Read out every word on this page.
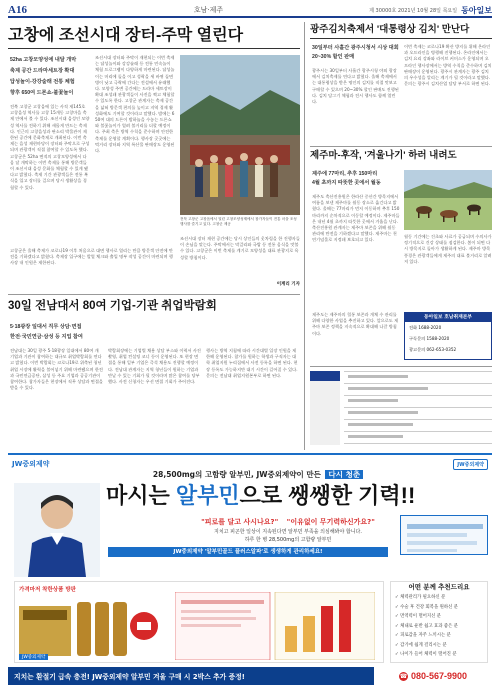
A16	호남·제주	제 30000호 2021년 10월 28일 목요일 동아일보
고창에 조선시대 장터-주막 열린다
52ha 고창모양성에 내달 개막
축제 공간 드라마세트장 확대
답성놀이-강강술래 전통 체험
향후 650여 드론쇼-불꽃놀이
전북 고창군 고창읍에 있는 사적 제145호 고창읍성 역사를 고창 15개동 고창마을 축제 안에서 볼 수 있다. 조선시대 읍성인 모양성 역사를 전하기 위해 새롭게 만드는 축제다. 인근의 고창읍성과 판소리 박물관이 제한된 공간에 문화축제로 개최된다. 이번 축제는 읍성 재현마당이 장터와 주막으로 구성되며 관광객이 직접 참여할 수 있도록 했다. 고창군은 52ha 면적의 고창모양성에서 다음 달 개막하는 이번 축제를 통해 방문객들이 조선시대 읍성 문화를 체험할 수 있게 됐다고 밝혔다. 축제 기간 관광객들은 전통 복식을 입고 장터를 걸으며 당시 생활상을 경험할 수 있다.
조선시대 장터와 주막이 재현되는 이번 축제는 답성놀이와 강강술래 등 전통 민속놀이 체험 프로그램이 다양하게 마련된다. 답성놀이는 머리에 돌을 이고 성곽을 세 바퀴 돌면 병이 낫고 극락에 간다는 전설에서 유래했다. 모양성 주변 공간에는 드라마 세트장이 확대 조성돼 관광객들이 사진을 찍고 체험할 수 있도록 한다. 고창군 관계자는 축제 공간을 넓혀 방문객 편의를 높이고 지역 경제 활성화에도 기여할 것이라고 말했다. 밤에는 650여 대의 드론이 밤하늘을 수놓는 드론쇼와 불꽃놀이가 열려 볼거리를 더할 예정이다. 주최 측은 방역 수칙을 준수하며 안전한 축제를 운영할 계획이다. 행사장 곳곳에는 먹거리 장터와 지역 특산물 판매장도 운영된다.
전북 고창군 고창읍에서 열린 고창모양성제에서 참가자들이 전통 마을 조성 행사를 즐기고 있다. 고창군 제공
조선시대 장터 재현 공간에는 당시 상인들의 옷차림을 한 진행자들이 손님을 맞는다. 주막에서는 막걸리와 국밥 등 전통 음식을 맛볼 수 있다. 고창군은 이번 축제를 계기로 모양성을 대표 관광지로 육성할 방침이다.
고창군은 올해 축제가 코로나19 이후 처음으로 대면 행사로 열리는 만큼 방문객 안전에 만전을 기하겠다고 밝혔다. 축제장 입구에는 발열 체크와 출입 명부 작성 공간이 마련되며 행사장 내 인원은 제한된다.
이계리 기자
30일 전남대서 80여 기업-기관 취업박람회
5·18광장 일대서 직무 상담·면접
한전·국민연금·삼성 등 지업 참여
전남대는 30일 광주 5·18광장 일대에서 80여 개 기업과 기관이 참여하는 대규모 취업박람회를 연다고 밝혔다. 이번 박람회는 코로나19로 위축된 청년 취업 시장에 활력을 불어넣기 위해 마련됐으며 한전과 국민연금공단, 삼성 등 주요 기업과 공공기관이 참여한다. 참가자들은 현장에서 직무 상담과 면접을 받을 수 있다.
박람회장에는 기업별 채용 상담 부스와 이력서 사진 촬영, 취업 컨설팅 코너 등이 운영된다. 또 현장 면접을 통해 일부 기업은 즉석 채용도 진행할 예정이다. 전남대 관계자는 지역 청년들이 원하는 기업과 만날 수 있는 기회가 될 것이라며 많은 참여를 당부했다. 사전 신청자는 우선 면접 기회가 주어진다.
행사는 방역 지침에 따라 시간대별 입장 인원을 제한해 운영된다. 참가를 원하는 학생과 구직자는 대학 취업지원 누리집에서 사전 등록을 하면 된다. 현장 등록도 가능하지만 대기 시간이 길어질 수 있다. 문의는 전남대 취업지원본부로 하면 된다.
광주김치축제서 '대통령상 김치' 만난다
30일부터 사흘간 광주시청서 시상 대회 20~30% 할인 판매
광주시는 30일부터 사흘간 광주시청 야외 광장에서 김치축제를 연다고 밝혔다. 올해 축제에서는 대통령상을 받은 명인의 김치를 직접 맛보고 구매할 수 있으며 20~30% 할인 판매도 진행된다. 김치 담그기 체험과 전시 행사도 함께 열린다.
이번 축제는 코로나19 확산 방지를 위해 온라인과 오프라인을 병행해 진행된다. 온라인에서는 김치 요리 강좌와 라이브 커머스가 운영되며 오프라인 행사장에서는 방역 수칙을 준수하며 김치 판매장이 운영된다. 광주시 관계자는 광주 김치의 우수성을 알리는 계기가 될 것이라고 말했다. 문의는 광주시 김치산업 담당 부서로 하면 된다.
제주마-후작, '겨울나기' 하러 내려도
제주에 77마리, 추후 150마리
4월 초까지 따뜻한 곳에서 월동
제주도 축산진흥원은 한라산 중산간 방목지에서 여름을 보낸 제주마를 월동 장소로 옮긴다고 밝혔다. 올해는 77마리가 먼저 이동하며 추후 150마리까지 순차적으로 이동할 예정이다. 제주마들은 내년 4월 초까지 따뜻한 곳에서 겨울을 난다. 축산진흥원 관계자는 제주마 보존을 위해 월동 관리에 만전을 기하겠다고 말했다. 제주마는 천연기념물로 지정돼 보호되고 있다.
월동 기간에는 건초와 사료가 공급되며 수의사가 정기적으로 건강 상태를 점검한다. 봄이 되면 다시 방목지로 돌아가 생활하게 된다. 제주마 방목 풍경은 관광객들에게 제주의 대표 볼거리로 알려져 있다.
동아일보 호남취재본부
전화 1688-2020
구독문의 1588-2020
광고문의 062-653-0352
제주도는 제주마의 혈통 보존과 개체 수 관리를 위해 다양한 사업을 추진하고 있다. 앞으로도 제주마 보존 정책을 지속적으로 확대해 나갈 방침이다.
JW중외제약	JW중외제약
28,500mg의 고함량 알부민, JW중외제약이 만든 다시 청춘
마시는 알부민으로 쌩쌩한 기력!!
"피로를 달고 사시나요?" "이유없이 무기력하신가요?"
지치고 피곤한 일상이 지속된다면 알부민 부족을 의심해봐야 합니다.
하루 한 병 28,500mg의 고함량 알부민
JW중외제약 '알부민골드 플러스알파'로 생생하게 관리하세요!
가격마저 착한상품 방판
JW중외제약
어떤 분께 추천드리요
✓ 체력관리가 필요하신 분
✓ 수술 후 건강 회복을 원하신 분
✓ 면역력이 떨어지신 분
✓ 체내로 운반 쉽고 효과 좋은 분
✓ 피로감을 자주 느끼시는 분
✓ 감기에 쉽게 걸리시는 분
✓ 나이가 들어 체력이 떨어진 분
지치는 환절기 급속 충전! JW중외제약 알부민 겨울 구매 시 2박스 추가 증정!	☎ 080-567-9900
